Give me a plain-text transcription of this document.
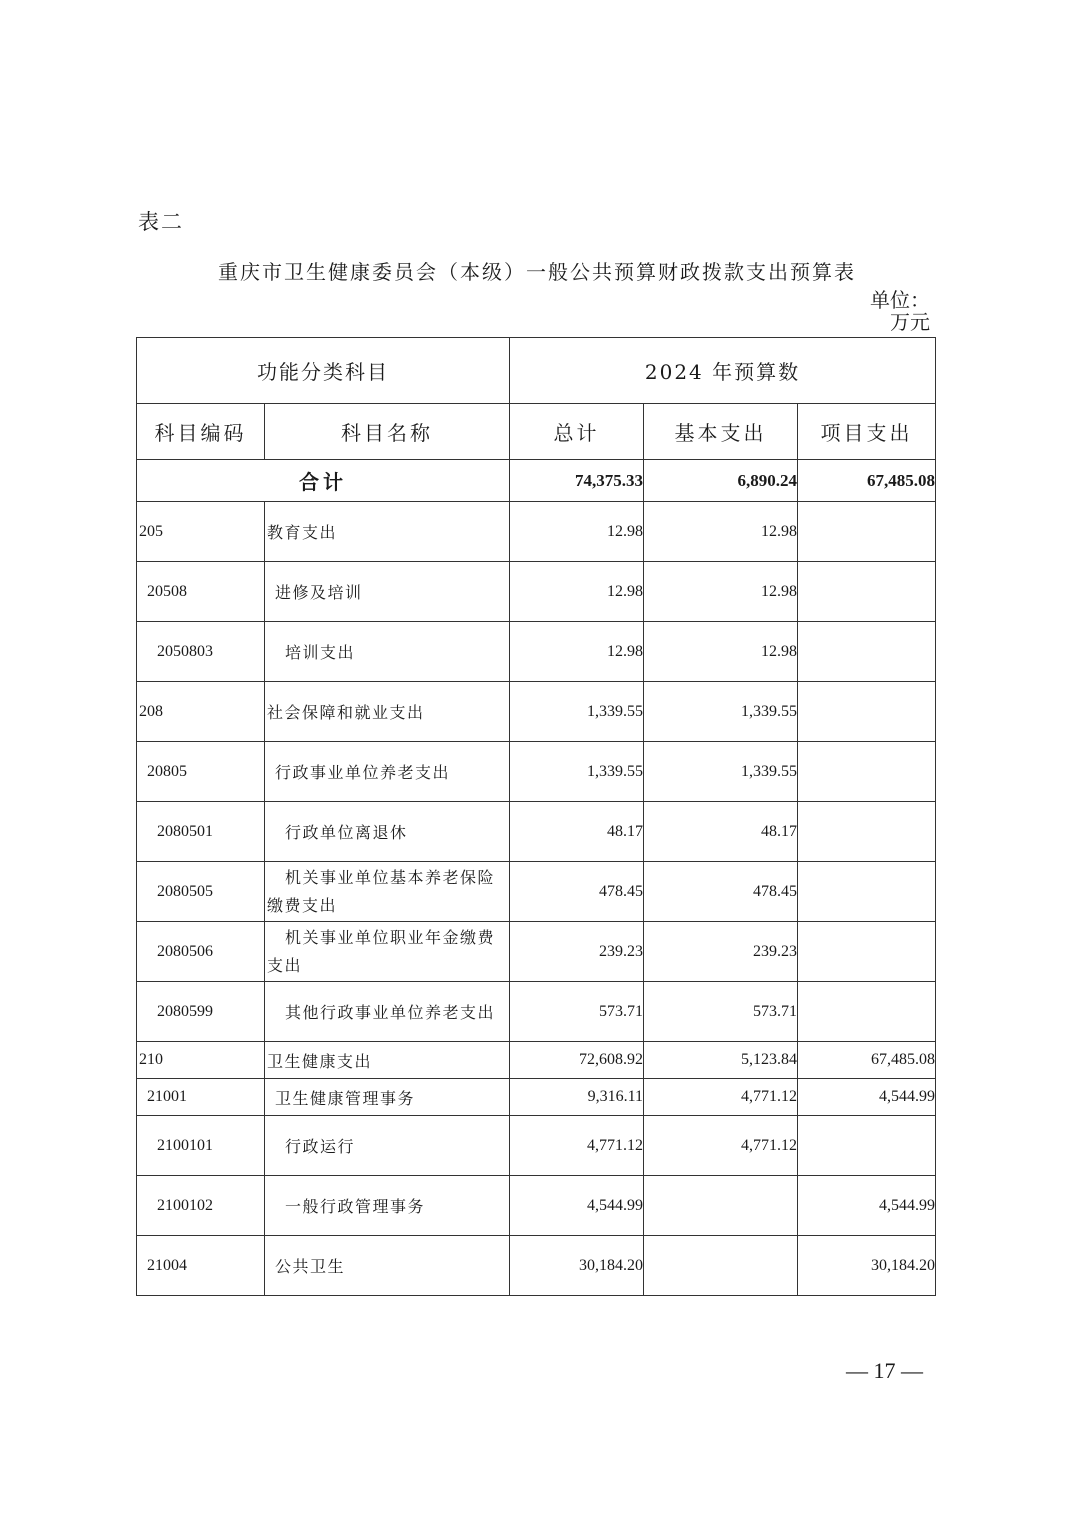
表二
重庆市卫生健康委员会（本级）一般公共预算财政拨款支出预算表
单位：
万元
功能分类科目		2024 年预算数		
科目编码	科目名称	总计	基本支出	项目支出
合计		74,375.33	6,890.24	67,485.08
205	教育支出	12.98	12.98	
20508	进修及培训	12.98	12.98	
2050803	培训支出	12.98	12.98	
208	社会保障和就业支出	1,339.55	1,339.55	
20805	行政事业单位养老支出	1,339.55	1,339.55	
2080501	行政单位离退休	48.17	48.17	
2080505	机关事业单位基本养老保险缴费支出	478.45	478.45	
2080506	机关事业单位职业年金缴费支出	239.23	239.23	
2080599	其他行政事业单位养老支出	573.71	573.71	
210	卫生健康支出	72,608.92	5,123.84	67,485.08
21001	卫生健康管理事务	9,316.11	4,771.12	4,544.99
2100101	行政运行	4,771.12	4,771.12	
2100102	一般行政管理事务	4,544.99		4,544.99
21004	公共卫生	30,184.20		30,184.20
— 17 —
